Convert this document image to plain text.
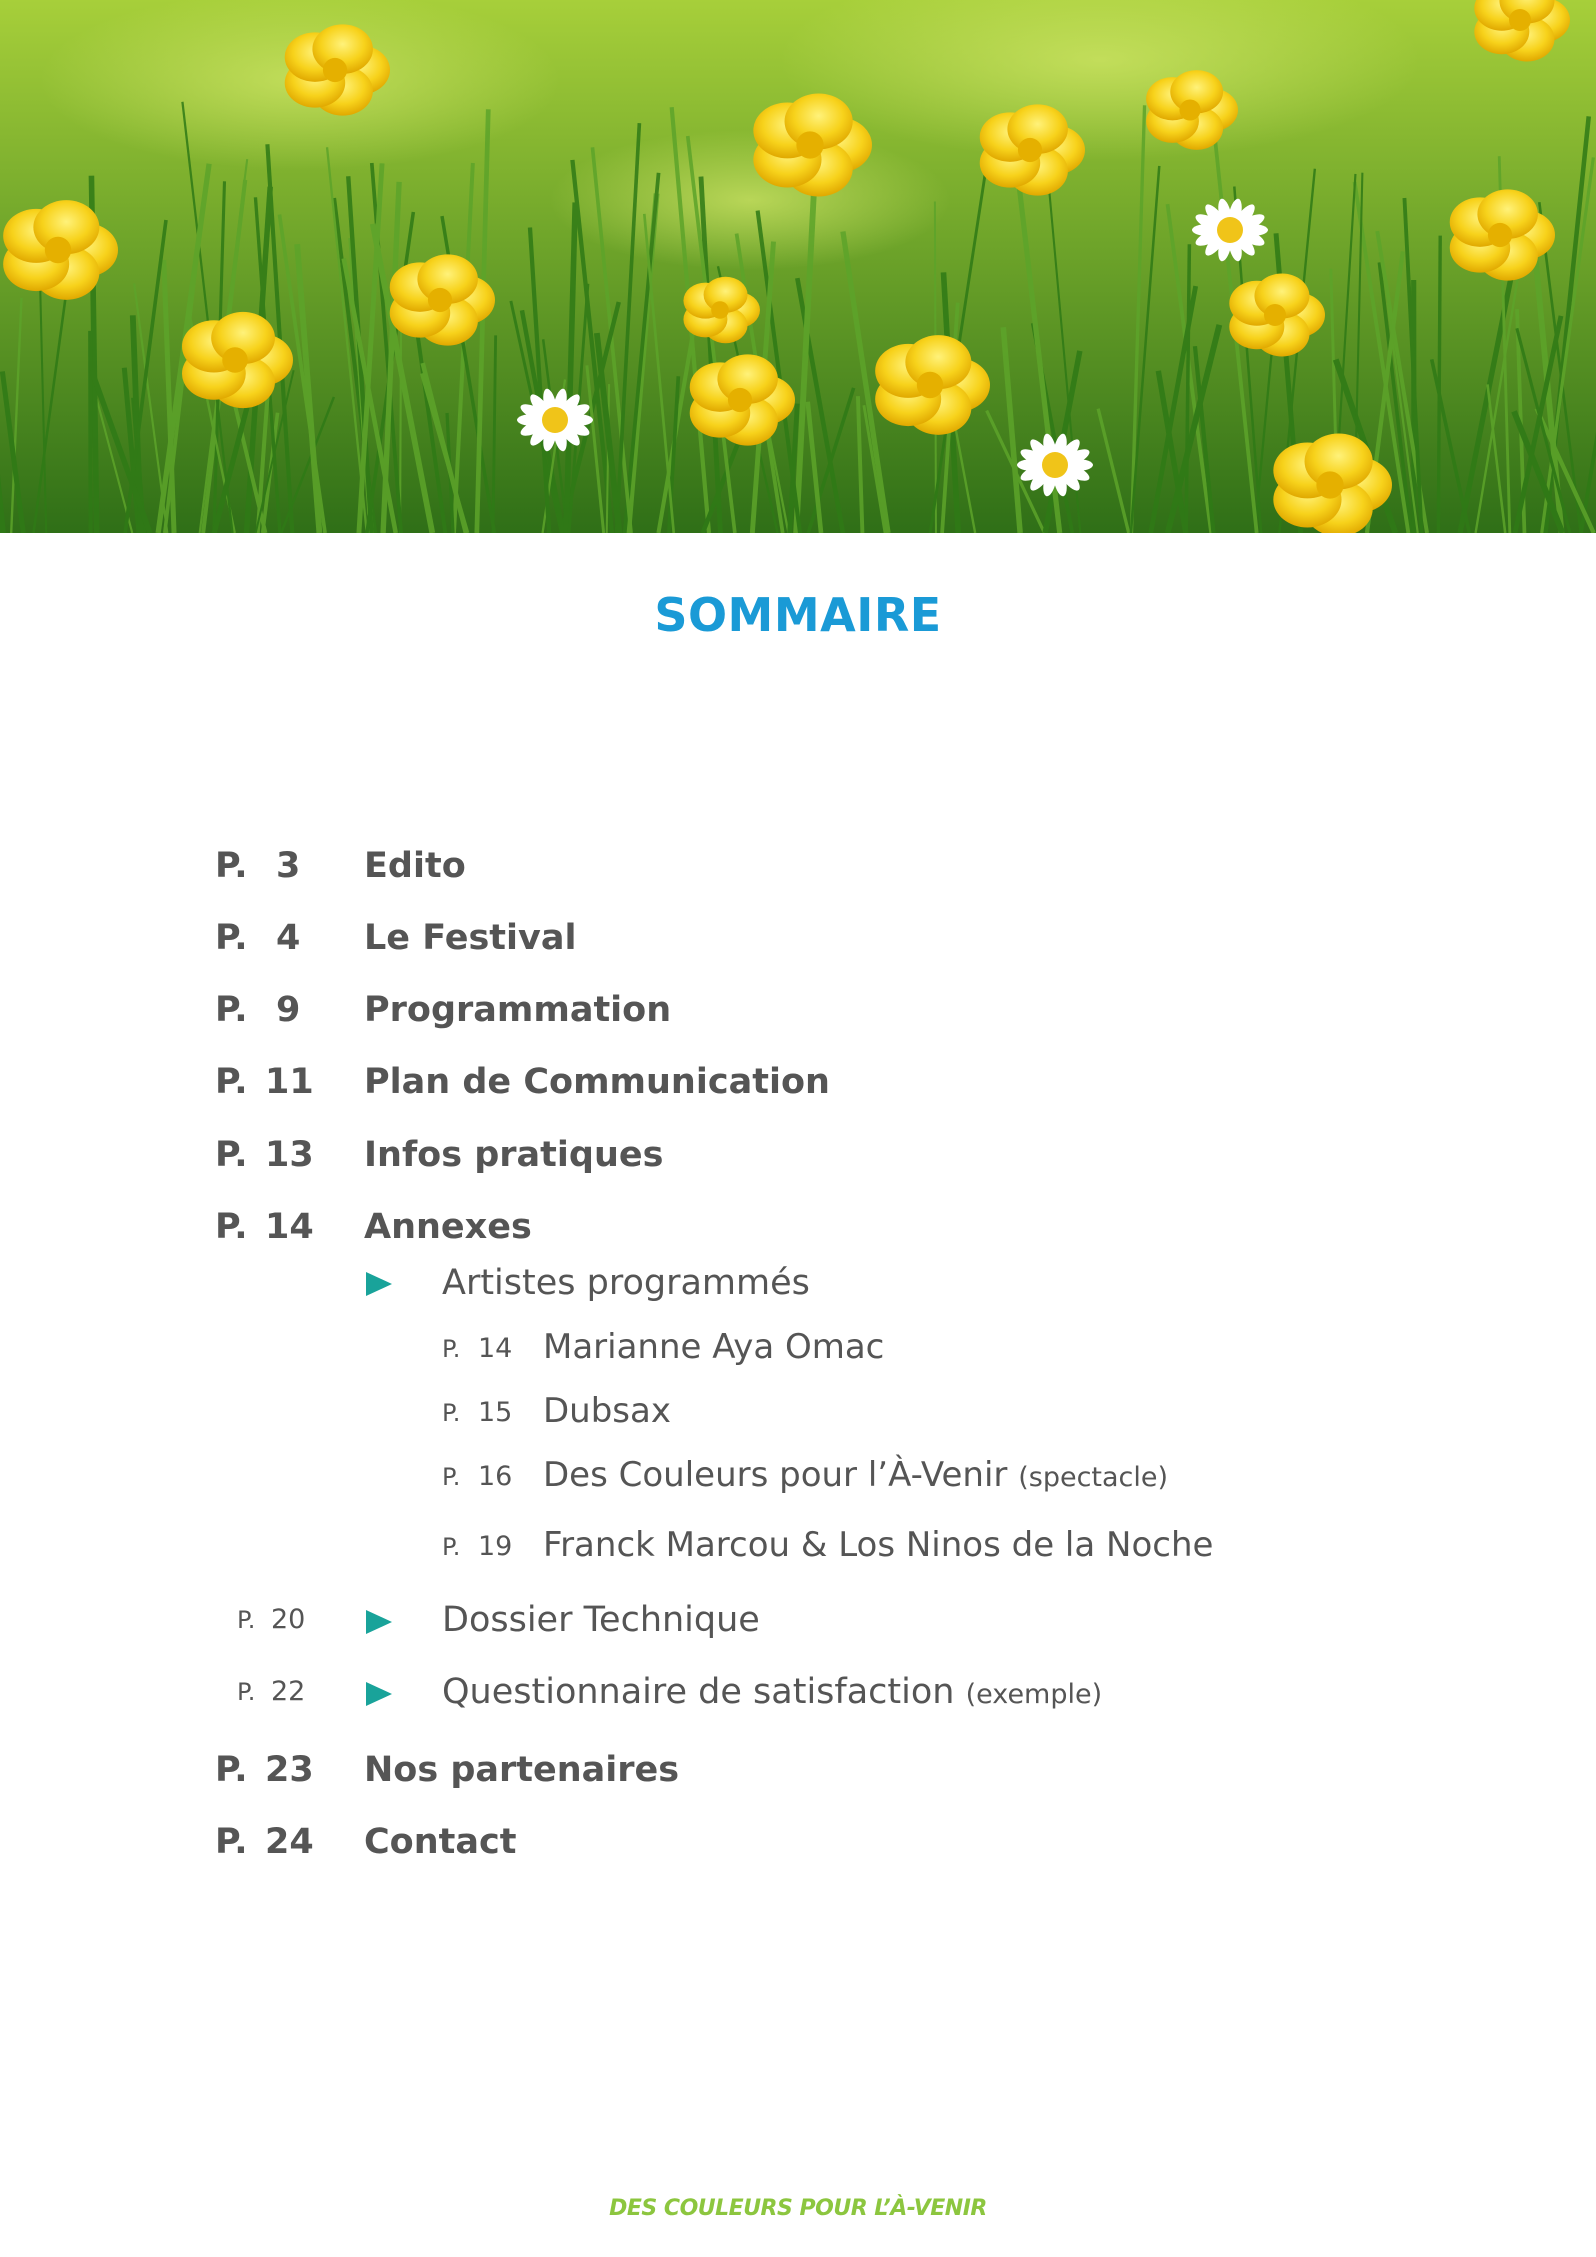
SOMMAIRE
P. 3 Edito
P. 4 Le Festival
P. 9 Programmation
P. 11 Plan de Communication
P. 13 Infos pratiques
P. 14 Annexes
Artistes programmés
P. 14 Marianne Aya Omac
P. 15 Dubsax
P. 16 Des Couleurs pour l’À-Venir (spectacle)
P. 19 Franck Marcou & Los Ninos de la Noche
P. 20	Dossier Technique
P. 22	Questionnaire de satisfaction (exemple)
P. 23 Nos partenaires
P. 24 Contact
DES COULEURS POUR L’À-VENIR
